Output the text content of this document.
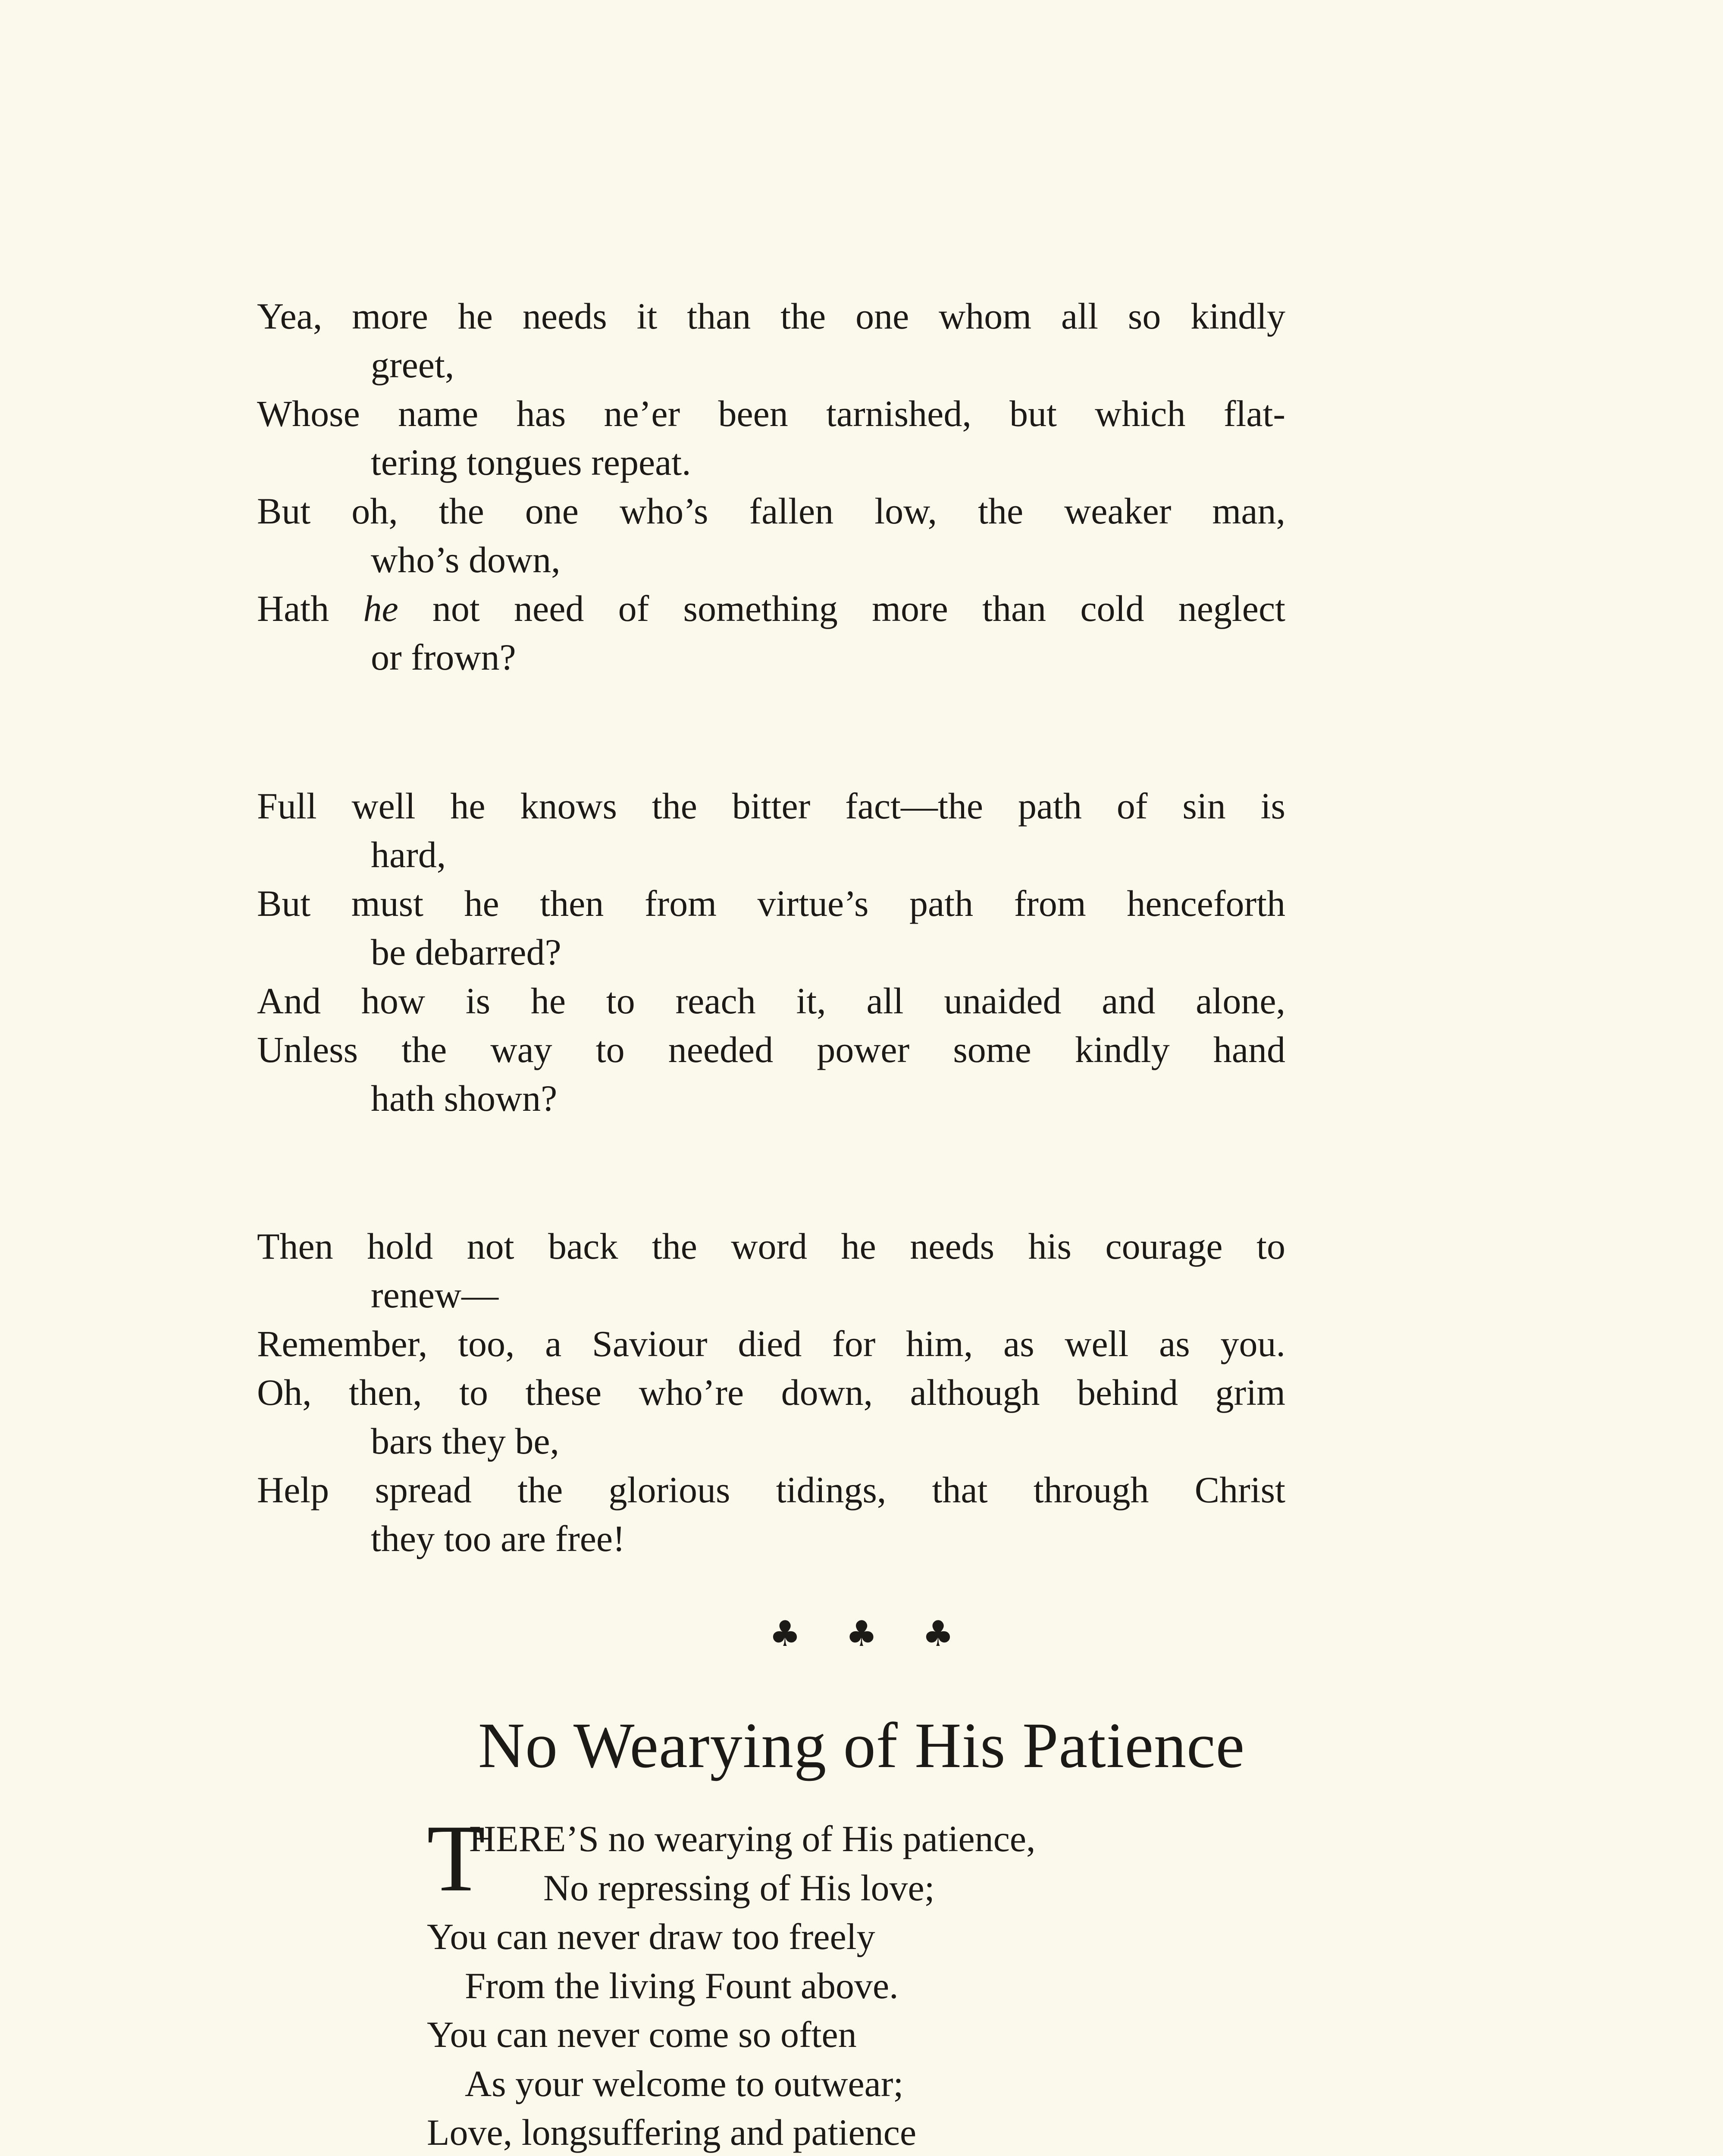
Yea, more he needs it than the one whom all so kindly
greet,
Whose name has ne’er been tarnished, but which flat-
tering tongues repeat.
But oh, the one who’s fallen low, the weaker man,
who’s down,
Hath he not need of something more than cold neglect
or frown?
Full well he knows the bitter fact—the path of sin is
hard,
But must he then from virtue’s path from henceforth
be debarred?
And how is he to reach it, all unaided and alone,
Unless the way to needed power some kindly hand
hath shown?
Then hold not back the word he needs his courage to
renew—
Remember, too, a Saviour died for him, as well as you.
Oh, then, to these who’re down, although behind grim
bars they be,
Help spread the glorious tidings, that through Christ
they too are free!
♣ ♣ ♣
No Wearying of His Patience
T
HERE’S no wearying of His patience,
No repressing of His love;
You can never draw too freely
From the living Fount above.
You can never come so often
As your welcome to outwear;
Love, longsuffering and patience
